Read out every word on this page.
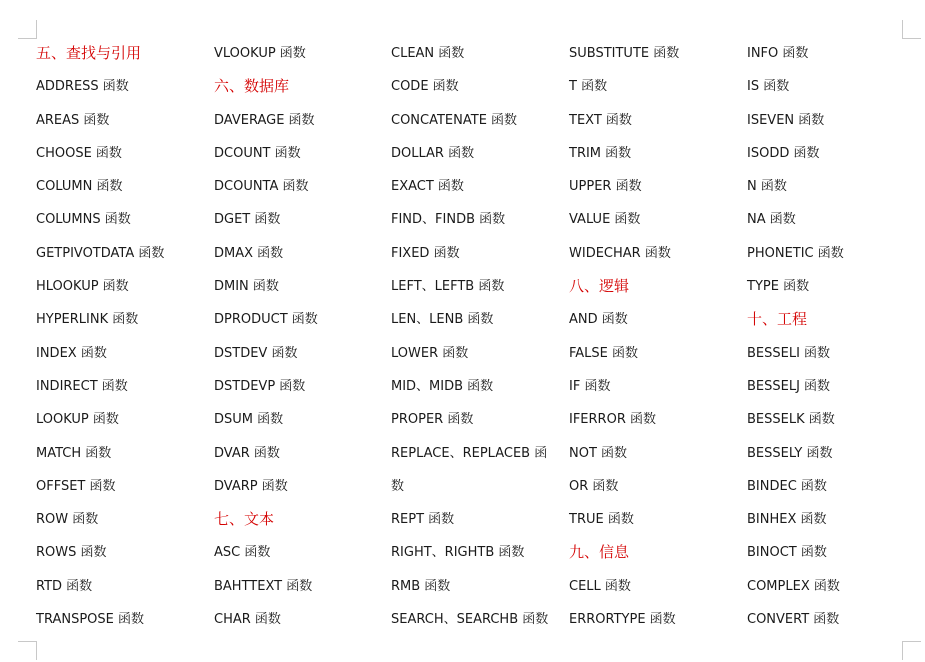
五、查找与引用
ADDRESS 函数
AREAS 函数
CHOOSE 函数
COLUMN 函数
COLUMNS 函数
GETPIVOTDATA 函数
HLOOKUP 函数
HYPERLINK 函数
INDEX 函数
INDIRECT 函数
LOOKUP 函数
MATCH 函数
OFFSET 函数
ROW 函数
ROWS 函数
RTD 函数
TRANSPOSE 函数
VLOOKUP 函数
六、数据库
DAVERAGE 函数
DCOUNT 函数
DCOUNTA 函数
DGET 函数
DMAX 函数
DMIN 函数
DPRODUCT 函数
DSTDEV 函数
DSTDEVP 函数
DSUM 函数
DVAR 函数
DVARP 函数
七、文本
ASC 函数
BAHTTEXT 函数
CHAR 函数
CLEAN 函数
CODE 函数
CONCATENATE 函数
DOLLAR 函数
EXACT 函数
FIND、FINDB 函数
FIXED 函数
LEFT、LEFTB 函数
LEN、LENB 函数
LOWER 函数
MID、MIDB 函数
PROPER 函数
REPLACE、REPLACEB 函数
REPT 函数
RIGHT、RIGHTB 函数
RMB 函数
SEARCH、SEARCHB 函数
SUBSTITUTE 函数
T 函数
TEXT 函数
TRIM 函数
UPPER 函数
VALUE 函数
WIDECHAR 函数
八、逻辑
AND 函数
FALSE 函数
IF 函数
IFERROR 函数
NOT 函数
OR 函数
TRUE 函数
九、信息
CELL 函数
ERRORTYPE 函数
INFO 函数
IS 函数
ISEVEN 函数
ISODD 函数
N 函数
NA 函数
PHONETIC 函数
TYPE 函数
十、工程
BESSELI 函数
BESSELJ 函数
BESSELK 函数
BESSELY 函数
BINDEC 函数
BINHEX 函数
BINOCT 函数
COMPLEX 函数
CONVERT 函数
